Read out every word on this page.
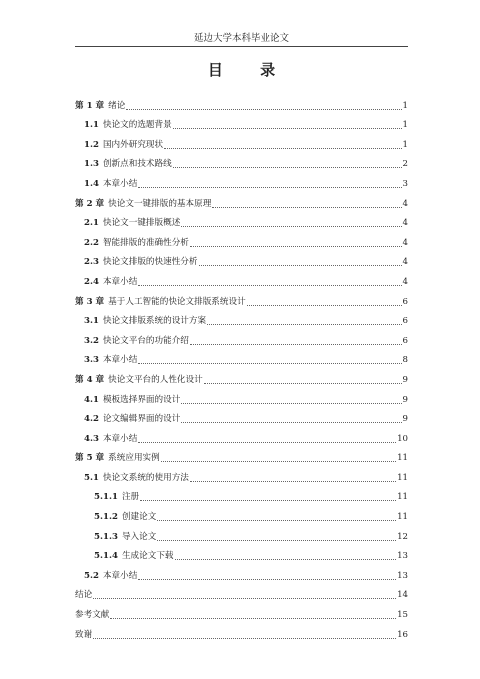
延边大学本科毕业论文
目 录
第 1 章 绪论	1
1.1 快论文的选题背景	1
1.2 国内外研究现状	1
1.3 创新点和技术路线	2
1.4 本章小结	3
第 2 章 快论文一键排版的基本原理	4
2.1 快论文一键排版概述	4
2.2 智能排版的准确性分析	4
2.3 快论文排版的快速性分析	4
2.4 本章小结	4
第 3 章 基于人工智能的快论文排版系统设计	6
3.1 快论文排版系统的设计方案	6
3.2 快论文平台的功能介绍	6
3.3 本章小结	8
第 4 章 快论文平台的人性化设计	9
4.1 模板选择界面的设计	9
4.2 论文编辑界面的设计	9
4.3 本章小结	10
第 5 章 系统应用实例	11
5.1 快论文系统的使用方法	11
5.1.1 注册	11
5.1.2 创建论文	11
5.1.3 导入论文	12
5.1.4 生成论文下载	13
5.2 本章小结	13
结论	14
参考文献	15
致谢	16
